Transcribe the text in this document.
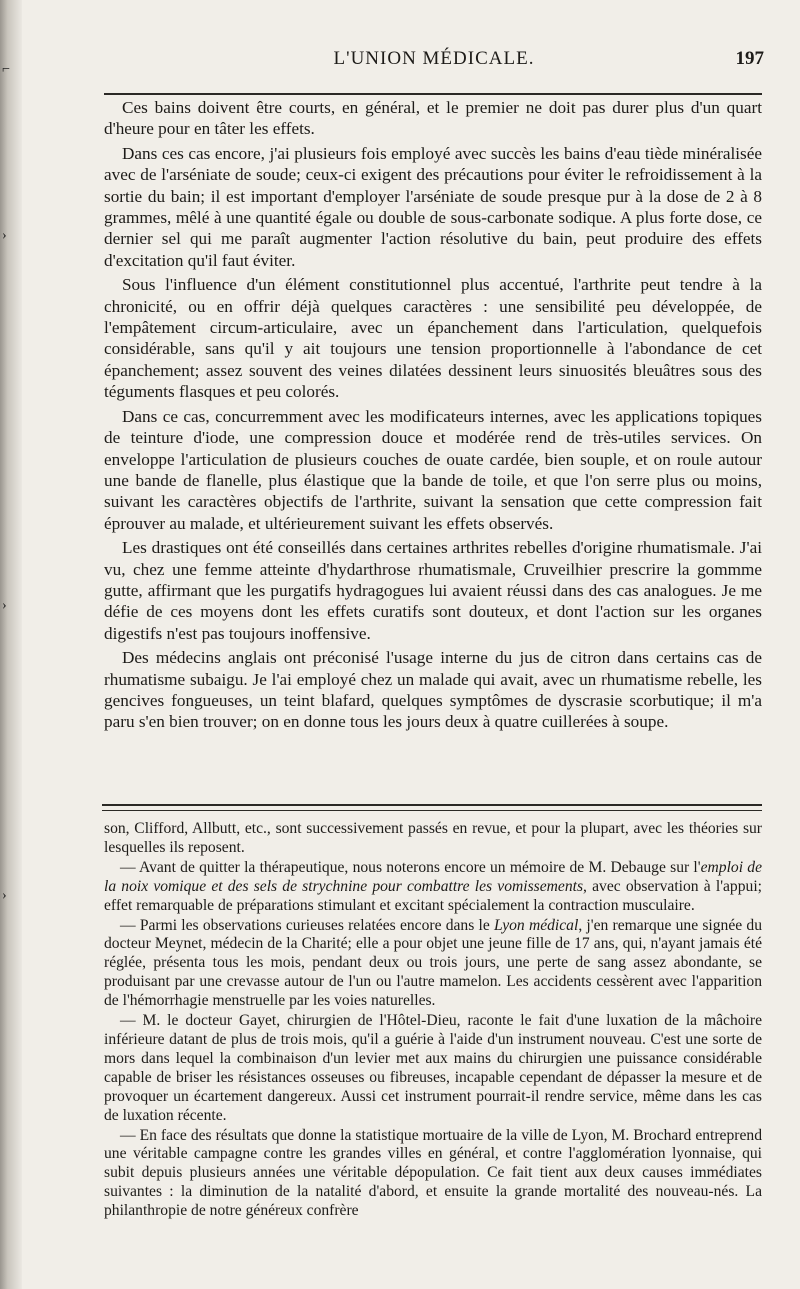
⌐
›
›
›
L'UNION MÉDICALE.	197

Ces bains doivent être courts, en général, et le premier ne doit pas durer plus d'un quart d'heure pour en tâter les effets.

Dans ces cas encore, j'ai plusieurs fois employé avec succès les bains d'eau tiède minéralisée avec de l'arséniate de soude; ceux-ci exigent des précautions pour éviter le refroidissement à la sortie du bain; il est important d'employer l'arséniate de soude presque pur à la dose de 2 à 8 grammes, mêlé à une quantité égale ou double de sous-carbonate sodique. A plus forte dose, ce dernier sel qui me paraît augmenter l'action résolutive du bain, peut produire des effets d'excitation qu'il faut éviter.

Sous l'influence d'un élément constitutionnel plus accentué, l'arthrite peut tendre à la chronicité, ou en offrir déjà quelques caractères : une sensibilité peu développée, de l'empâtement circum-articulaire, avec un épanchement dans l'articulation, quelquefois considérable, sans qu'il y ait toujours une tension proportionnelle à l'abondance de cet épanchement; assez souvent des veines dilatées dessinent leurs sinuosités bleuâtres sous des téguments flasques et peu colorés.

Dans ce cas, concurremment avec les modificateurs internes, avec les applications topiques de teinture d'iode, une compression douce et modérée rend de très-utiles services. On enveloppe l'articulation de plusieurs couches de ouate cardée, bien souple, et on roule autour une bande de flanelle, plus élastique que la bande de toile, et que l'on serre plus ou moins, suivant les caractères objectifs de l'arthrite, suivant la sensation que cette compression fait éprouver au malade, et ultérieurement suivant les effets observés.

Les drastiques ont été conseillés dans certaines arthrites rebelles d'origine rhumatismale. J'ai vu, chez une femme atteinte d'hydarthrose rhumatismale, Cruveilhier prescrire la gommme gutte, affirmant que les purgatifs hydragogues lui avaient réussi dans des cas analogues. Je me défie de ces moyens dont les effets curatifs sont douteux, et dont l'action sur les organes digestifs n'est pas toujours inoffensive.

Des médecins anglais ont préconisé l'usage interne du jus de citron dans certains cas de rhumatisme subaigu. Je l'ai employé chez un malade qui avait, avec un rhumatisme rebelle, les gencives fongueuses, un teint blafard, quelques symptômes de dyscrasie scorbutique; il m'a paru s'en bien trouver; on en donne tous les jours deux à quatre cuillerées à soupe.

son, Clifford, Allbutt, etc., sont successivement passés en revue, et pour la plupart, avec les théories sur lesquelles ils reposent.

— Avant de quitter la thérapeutique, nous noterons encore un mémoire de M. Debauge sur l'emploi de la noix vomique et des sels de strychnine pour combattre les vomissements, avec observation à l'appui; effet remarquable de préparations stimulant et excitant spécialement la contraction musculaire.

— Parmi les observations curieuses relatées encore dans le Lyon médical, j'en remarque une signée du docteur Meynet, médecin de la Charité; elle a pour objet une jeune fille de 17 ans, qui, n'ayant jamais été réglée, présenta tous les mois, pendant deux ou trois jours, une perte de sang assez abondante, se produisant par une crevasse autour de l'un ou l'autre mamelon. Les accidents cessèrent avec l'apparition de l'hémorrhagie menstruelle par les voies naturelles.

— M. le docteur Gayet, chirurgien de l'Hôtel-Dieu, raconte le fait d'une luxation de la mâchoire inférieure datant de plus de trois mois, qu'il a guérie à l'aide d'un instrument nouveau. C'est une sorte de mors dans lequel la combinaison d'un levier met aux mains du chirurgien une puissance considérable capable de briser les résistances osseuses ou fibreuses, incapable cependant de dépasser la mesure et de provoquer un écartement dangereux. Aussi cet instrument pourrait-il rendre service, même dans les cas de luxation récente.

— En face des résultats que donne la statistique mortuaire de la ville de Lyon, M. Brochard entreprend une véritable campagne contre les grandes villes en général, et contre l'agglomération lyonnaise, qui subit depuis plusieurs années une véritable dépopulation. Ce fait tient aux deux causes immédiates suivantes : la diminution de la natalité d'abord, et ensuite la grande mortalité des nouveau-nés. La philanthropie de notre généreux confrère
